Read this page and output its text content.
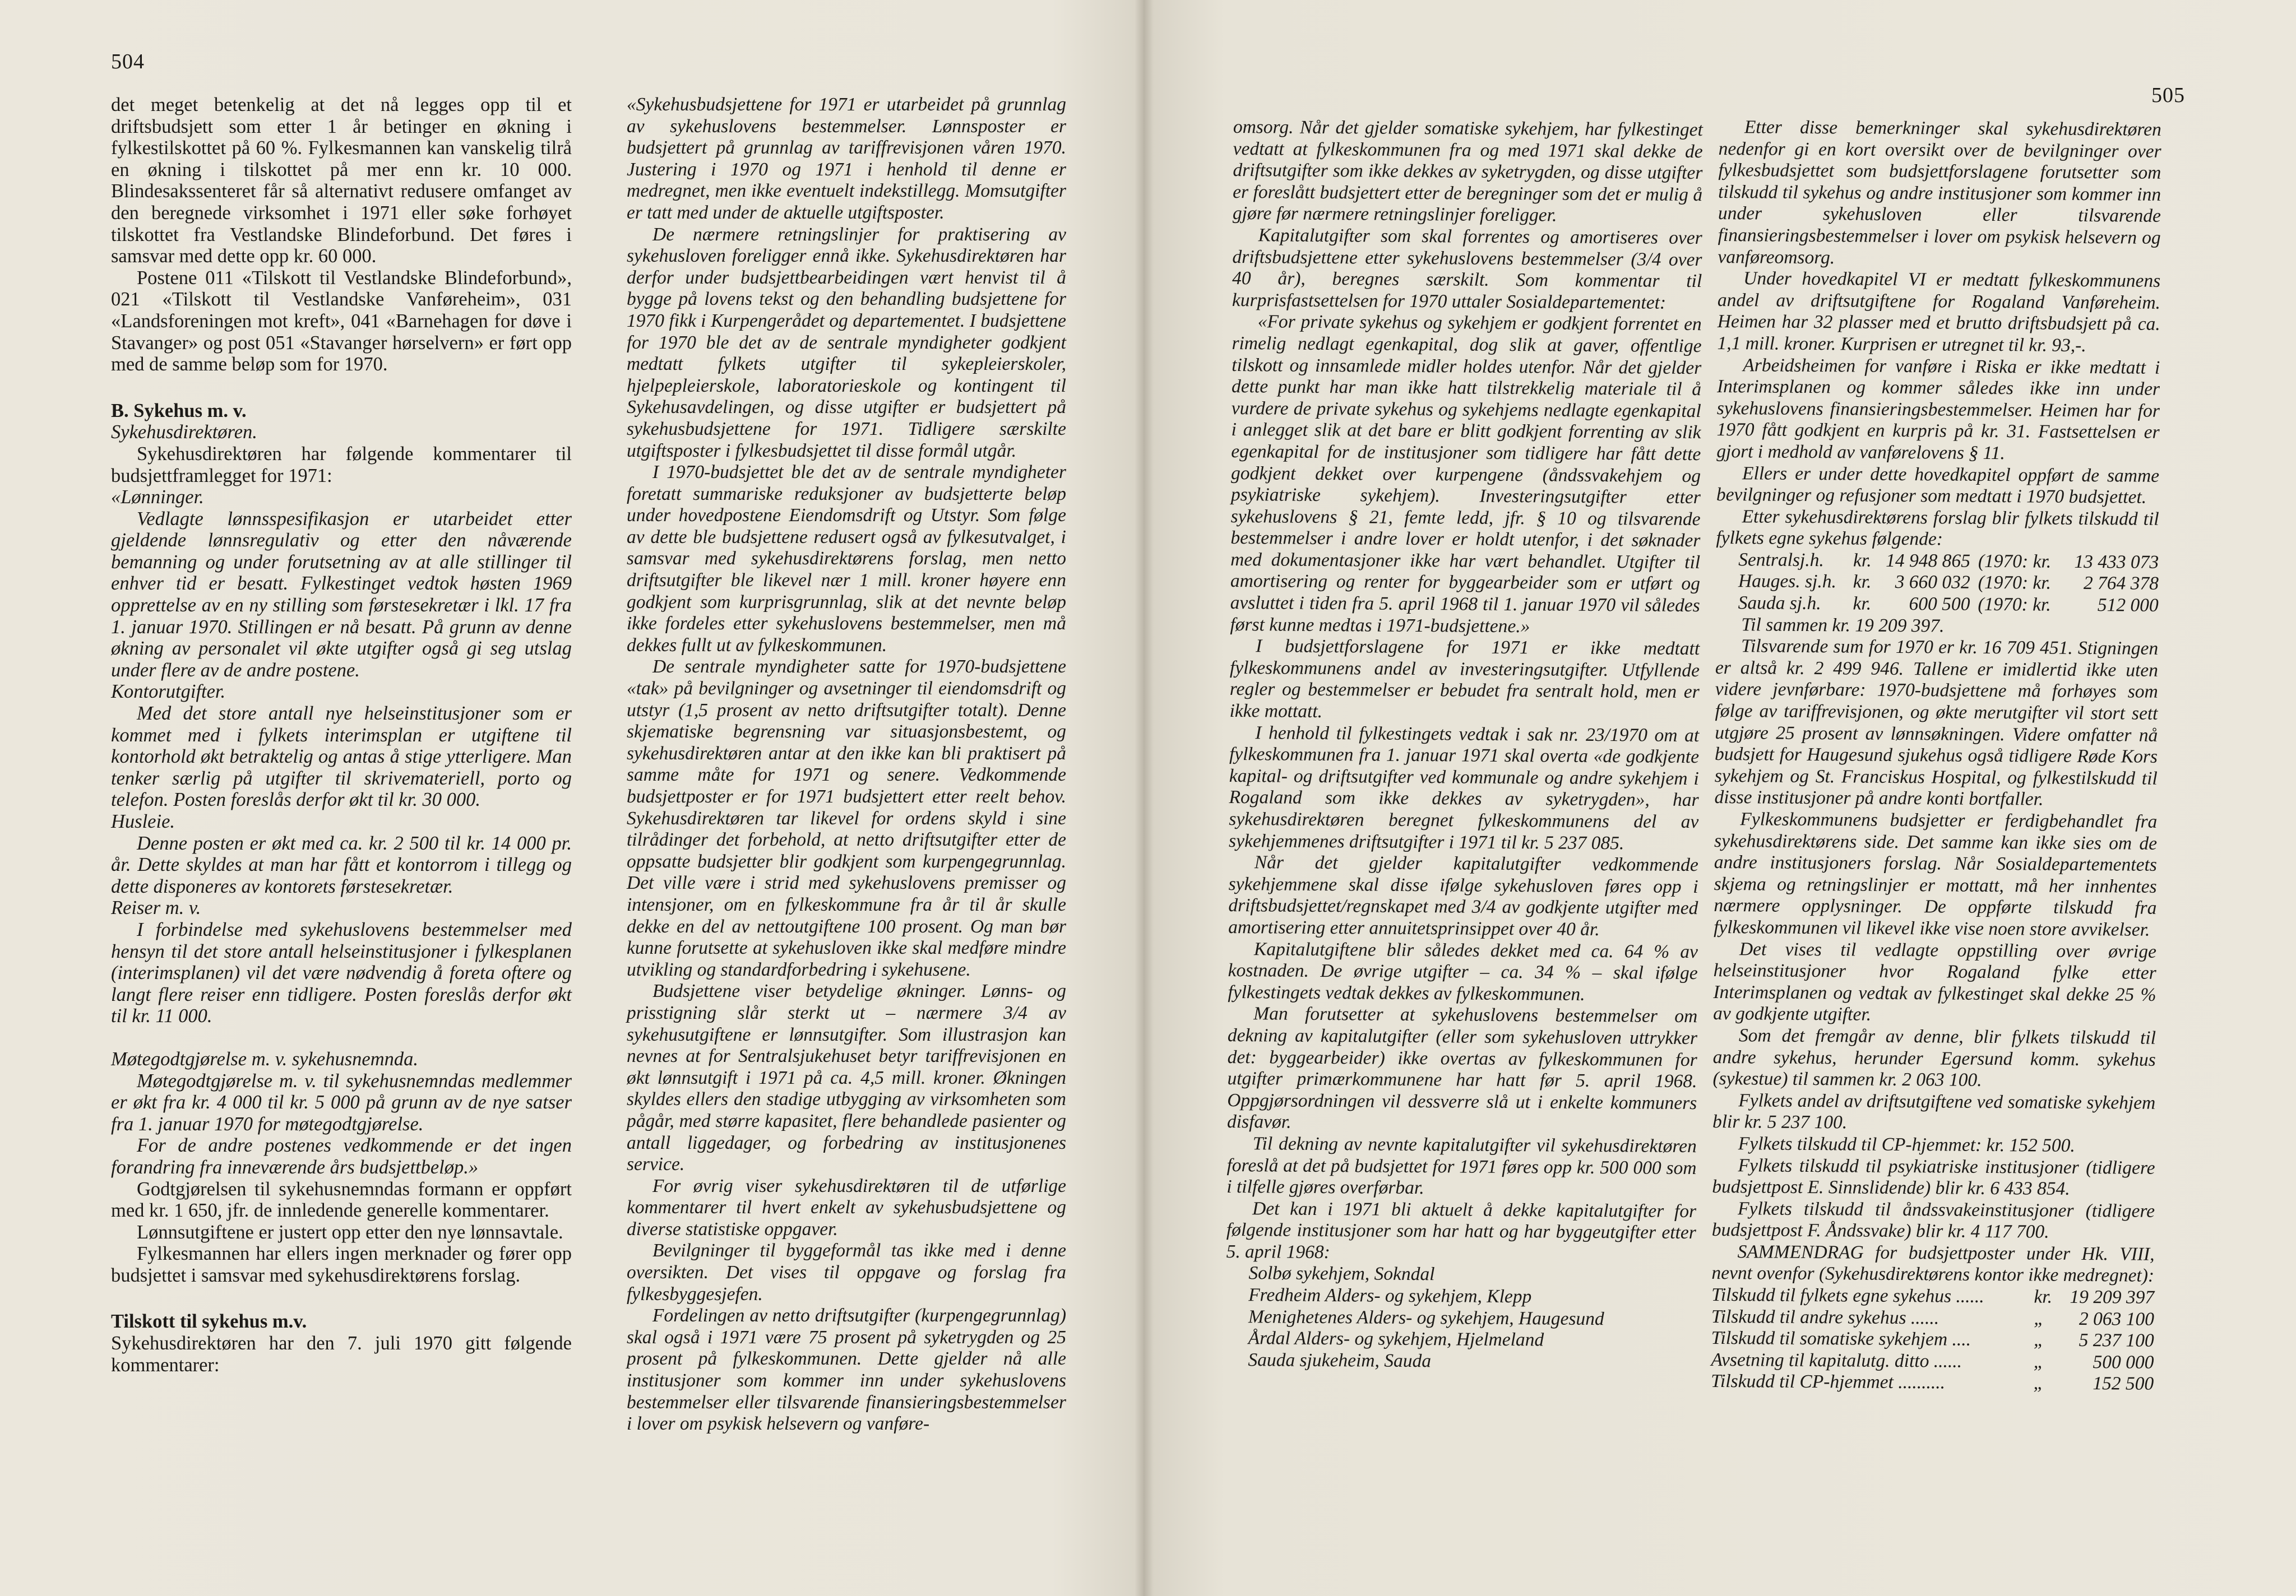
504

det meget betenkelig at det nå legges opp til et driftsbudsjett som etter 1 år betinger en økning i fylkestilskottet på 60 %. Fylkesmannen kan vanskelig tilrå en økning i tilskottet på mer enn kr. 10 000. Blindesakssenteret får så alternativt redusere omfanget av den beregnede virksomhet i 1971 eller søke forhøyet tilskottet fra Vestlandske Blindeforbund. Det føres i samsvar med dette opp kr. 60 000.

Postene 011 «Tilskott til Vestlandske Blindeforbund», 021 «Tilskott til Vestlandske Vanføreheim», 031 «Landsforeningen mot kreft», 041 «Barnehagen for døve i Stavanger» og post 051 «Stavanger hørselvern» er ført opp med de samme beløp som for 1970.

B. Sykehus m. v.

Sykehusdirektøren.

Sykehusdirektøren har følgende kommentarer til budsjettframlegget for 1971:

«Lønninger.

Vedlagte lønnsspesifikasjon er utarbeidet etter gjeldende lønnsregulativ og etter den nåværende bemanning og under forutsetning av at alle stillinger til enhver tid er besatt. Fylkestinget vedtok høsten 1969 opprettelse av en ny stilling som førstesekretær i lkl. 17 fra 1. januar 1970. Stillingen er nå besatt. På grunn av denne økning av personalet vil økte utgifter også gi seg utslag under flere av de andre postene.

Kontorutgifter.

Med det store antall nye helseinstitusjoner som er kommet med i fylkets interimsplan er utgiftene til kontorhold økt betraktelig og antas å stige ytterligere. Man tenker særlig på utgifter til skrivemateriell, porto og telefon. Posten foreslås derfor økt til kr. 30 000.

Husleie.

Denne posten er økt med ca. kr. 2 500 til kr. 14 000 pr. år. Dette skyldes at man har fått et kontorrom i tillegg og dette disponeres av kontorets førstesekretær.

Reiser m. v.

I forbindelse med sykehuslovens bestemmelser med hensyn til det store antall helseinstitusjoner i fylkesplanen (interimsplanen) vil det være nødvendig å foreta oftere og langt flere reiser enn tidligere. Posten foreslås derfor økt til kr. 11 000.

Møtegodtgjørelse m. v. sykehusnemnda.

Møtegodtgjørelse m. v. til sykehusnemndas medlemmer er økt fra kr. 4 000 til kr. 5 000 på grunn av de nye satser fra 1. januar 1970 for møtegodtgjørelse.

For de andre postenes vedkommende er det ingen forandring fra inneværende års budsjettbeløp.»

Godtgjørelsen til sykehusnemndas formann er oppført med kr. 1 650, jfr. de innledende generelle kommentarer.

Lønnsutgiftene er justert opp etter den nye lønnsavtale.

Fylkesmannen har ellers ingen merknader og fører opp budsjettet i samsvar med sykehusdirektørens forslag.

Tilskott til sykehus m.v.

Sykehusdirektøren har den 7. juli 1970 gitt følgende kommentarer:

«Sykehusbudsjettene for 1971 er utarbeidet på grunnlag av sykehuslovens bestemmelser. Lønnsposter er budsjettert på grunnlag av tariffrevisjonen våren 1970. Justering i 1970 og 1971 i henhold til denne er medregnet, men ikke eventuelt indekstillegg. Momsutgifter er tatt med under de aktuelle utgiftsposter.

De nærmere retningslinjer for praktisering av sykehusloven foreligger ennå ikke. Sykehusdirektøren har derfor under budsjettbearbeidingen vært henvist til å bygge på lovens tekst og den behandling budsjettene for 1970 fikk i Kurpengerådet og departementet. I budsjettene for 1970 ble det av de sentrale myndigheter godkjent medtatt fylkets utgifter til sykepleierskoler, hjelpepleierskole, laboratorieskole og kontingent til Sykehusavdelingen, og disse utgifter er budsjettert på sykehusbudsjettene for 1971. Tidligere særskilte utgiftsposter i fylkesbudsjettet til disse formål utgår.

I 1970-budsjettet ble det av de sentrale myndigheter foretatt summariske reduksjoner av budsjetterte beløp under hovedpostene Eiendomsdrift og Utstyr. Som følge av dette ble budsjettene redusert også av fylkesutvalget, i samsvar med sykehusdirektørens forslag, men netto driftsutgifter ble likevel nær 1 mill. kroner høyere enn godkjent som kurprisgrunnlag, slik at det nevnte beløp ikke fordeles etter sykehuslovens bestemmelser, men må dekkes fullt ut av fylkeskommunen.

De sentrale myndigheter satte for 1970-budsjettene «tak» på bevilgninger og avsetninger til eiendomsdrift og utstyr (1,5 prosent av netto driftsutgifter totalt). Denne skjematiske begrensning var situasjonsbestemt, og sykehusdirektøren antar at den ikke kan bli praktisert på samme måte for 1971 og senere. Vedkommende budsjettposter er for 1971 budsjettert etter reelt behov. Sykehusdirektøren tar likevel for ordens skyld i sine tilrådinger det forbehold, at netto driftsutgifter etter de oppsatte budsjetter blir godkjent som kurpengegrunnlag. Det ville være i strid med sykehuslovens premisser og intensjoner, om en fylkeskommune fra år til år skulle dekke en del av nettoutgiftene 100 prosent. Og man bør kunne forutsette at sykehusloven ikke skal medføre mindre utvikling og standardforbedring i sykehusene.

Budsjettene viser betydelige økninger. Lønns- og prisstigning slår sterkt ut – nærmere 3/4 av sykehusutgiftene er lønnsutgifter. Som illustrasjon kan nevnes at for Sentralsjukehuset betyr tariffrevisjonen en økt lønnsutgift i 1971 på ca. 4,5 mill. kroner. Økningen skyldes ellers den stadige utbygging av virksomheten som pågår, med større kapasitet, flere behandlede pasienter og antall liggedager, og forbedring av institusjonenes service.

For øvrig viser sykehusdirektøren til de utførlige kommentarer til hvert enkelt av sykehusbudsjettene og diverse statistiske oppgaver.

Bevilgninger til byggeformål tas ikke med i denne oversikten. Det vises til oppgave og forslag fra fylkesbyggesjefen.

Fordelingen av netto driftsutgifter (kurpengegrunnlag) skal også i 1971 være 75 prosent på syketrygden og 25 prosent på fylkeskommunen. Dette gjelder nå alle institusjoner som kommer inn under sykehuslovens bestemmelser eller tilsvarende finansieringsbestemmelser i lover om psykisk helsevern og vanføre-

505

omsorg. Når det gjelder somatiske sykehjem, har fylkestinget vedtatt at fylkeskommunen fra og med 1971 skal dekke de driftsutgifter som ikke dekkes av syketrygden, og disse utgifter er foreslått budsjettert etter de beregninger som det er mulig å gjøre før nærmere retningslinjer foreligger.

Kapitalutgifter som skal forrentes og amortiseres over driftsbudsjettene etter sykehuslovens bestemmelser (3/4 over 40 år), beregnes særskilt. Som kommentar til kurprisfastsettelsen for 1970 uttaler Sosialdepartementet:

«For private sykehus og sykehjem er godkjent forrentet en rimelig nedlagt egenkapital, dog slik at gaver, offentlige tilskott og innsamlede midler holdes utenfor. Når det gjelder dette punkt har man ikke hatt tilstrekkelig materiale til å vurdere de private sykehus og sykehjems nedlagte egenkapital i anlegget slik at det bare er blitt godkjent forrenting av slik egenkapital for de institusjoner som tidligere har fått dette godkjent dekket over kurpengene (åndssvakehjem og psykiatriske sykehjem). Investeringsutgifter etter sykehuslovens § 21, femte ledd, jfr. § 10 og tilsvarende bestemmelser i andre lover er holdt utenfor, i det søknader med dokumentasjoner ikke har vært behandlet. Utgifter til amortisering og renter for byggearbeider som er utført og avsluttet i tiden fra 5. april 1968 til 1. januar 1970 vil således først kunne medtas i 1971-budsjettene.»

I budsjettforslagene for 1971 er ikke medtatt fylkeskommunens andel av investeringsutgifter. Utfyllende regler og bestemmelser er bebudet fra sentralt hold, men er ikke mottatt.

I henhold til fylkestingets vedtak i sak nr. 23/1970 om at fylkeskommunen fra 1. januar 1971 skal overta «de godkjente kapital- og driftsutgifter ved kommunale og andre sykehjem i Rogaland som ikke dekkes av syketrygden», har sykehusdirektøren beregnet fylkeskommunens del av sykehjemmenes driftsutgifter i 1971 til kr. 5 237 085.

Når det gjelder kapitalutgifter vedkommende sykehjemmene skal disse ifølge sykehusloven føres opp i driftsbudsjettet/regnskapet med 3/4 av godkjente utgifter med amortisering etter annuitetsprinsippet over 40 år.

Kapitalutgiftene blir således dekket med ca. 64 % av kostnaden. De øvrige utgifter – ca. 34 % – skal ifølge fylkestingets vedtak dekkes av fylkeskommunen.

Man forutsetter at sykehuslovens bestemmelser om dekning av kapitalutgifter (eller som sykehusloven uttrykker det: byggearbeider) ikke overtas av fylkeskommunen for utgifter primærkommunene har hatt før 5. april 1968. Oppgjørsordningen vil dessverre slå ut i enkelte kommuners disfavør.

Til dekning av nevnte kapitalutgifter vil sykehusdirektøren foreslå at det på budsjettet for 1971 føres opp kr. 500 000 som i tilfelle gjøres overførbar.

Det kan i 1971 bli aktuelt å dekke kapitalutgifter for følgende institusjoner som har hatt og har byggeutgifter etter 5. april 1968:

Solbø sykehjem, Sokndal

Fredheim Alders- og sykehjem, Klepp

Menighetenes Alders- og sykehjem, Haugesund

Årdal Alders- og sykehjem, Hjelmeland

Sauda sjukeheim, Sauda

Etter disse bemerkninger skal sykehusdirektøren nedenfor gi en kort oversikt over de bevilgninger over fylkesbudsjettet som budsjettforslagene forutsetter som tilskudd til sykehus og andre institusjoner som kommer inn under sykehusloven eller tilsvarende finansieringsbestemmelser i lover om psykisk helsevern og vanføreomsorg.

Under hovedkapitel VI er medtatt fylkeskommunens andel av driftsutgiftene for Rogaland Vanføreheim. Heimen har 32 plasser med et brutto driftsbudsjett på ca. 1,1 mill. kroner. Kurprisen er utregnet til kr. 93,-.

Arbeidsheimen for vanføre i Riska er ikke medtatt i Interimsplanen og kommer således ikke inn under sykehuslovens finansieringsbestemmelser. Heimen har for 1970 fått godkjent en kurpris på kr. 31. Fastsettelsen er gjort i medhold av vanførelovens § 11.

Ellers er under dette hovedkapitel oppført de samme bevilgninger og refusjoner som medtatt i 1970 budsjettet.

Etter sykehusdirektørens forslag blir fylkets tilskudd til fylkets egne sykehus følgende:

Sentralsj.h.	kr.	14 948 865	(1970: kr.	13 433 073
Hauges. sj.h.	kr.	3 660 032	(1970: kr.	2 764 378
Sauda sj.h.	kr.	600 500	(1970: kr.	512 000

Til sammen kr. 19 209 397.

Tilsvarende sum for 1970 er kr. 16 709 451. Stigningen er altså kr. 2 499 946. Tallene er imidlertid ikke uten videre jevnførbare: 1970-budsjettene må forhøyes som følge av tariffrevisjonen, og økte merutgifter vil stort sett utgjøre 25 prosent av lønnsøkningen. Videre omfatter nå budsjett for Haugesund sjukehus også tidligere Røde Kors sykehjem og St. Franciskus Hospital, og fylkestilskudd til disse institusjoner på andre konti bortfaller.

Fylkeskommunens budsjetter er ferdigbehandlet fra sykehusdirektørens side. Det samme kan ikke sies om de andre institusjoners forslag. Når Sosialdepartementets skjema og retningslinjer er mottatt, må her innhentes nærmere opplysninger. De oppførte tilskudd fra fylkeskommunen vil likevel ikke vise noen store avvikelser.

Det vises til vedlagte oppstilling over øvrige helseinstitusjoner hvor Rogaland fylke etter Interimsplanen og vedtak av fylkestinget skal dekke 25 % av godkjente utgifter.

Som det fremgår av denne, blir fylkets tilskudd til andre sykehus, herunder Egersund komm. sykehus (sykestue) til sammen kr. 2 063 100.

Fylkets andel av driftsutgiftene ved somatiske sykehjem blir kr. 5 237 100.

Fylkets tilskudd til CP-hjemmet: kr. 152 500.

Fylkets tilskudd til psykiatriske institusjoner (tidligere budsjettpost E. Sinnslidende) blir kr. 6 433 854.

Fylkets tilskudd til åndssvakeinstitusjoner (tidligere budsjettpost F. Åndssvake) blir kr. 4 117 700.

SAMMENDRAG for budsjettposter under Hk. VIII, nevnt ovenfor (Sykehusdirektørens kontor ikke medregnet):

Tilskudd til fylkets egne sykehus ......	kr.	19 209 397
Tilskudd til andre sykehus ......	„	2 063 100
Tilskudd til somatiske sykehjem ....	„	5 237 100
Avsetning til kapitalutg. ditto ......	„	500 000
Tilskudd til CP-hjemmet ..........	„	152 500
